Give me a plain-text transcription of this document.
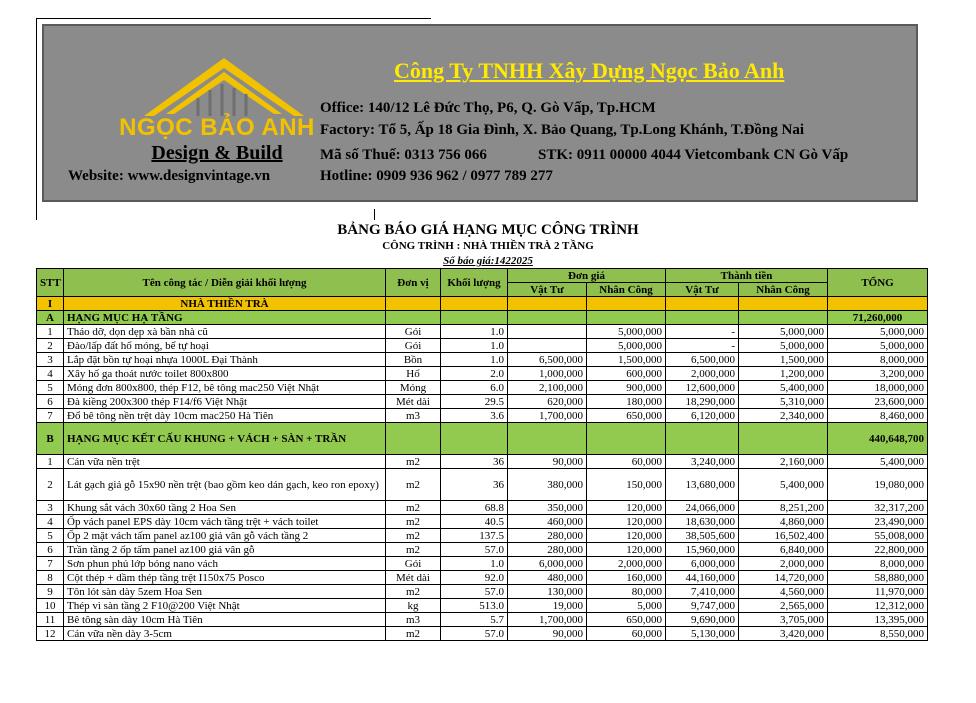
NGỌC BẢO ANH
Design & Build
Website: www.designvintage.vn
Công Ty TNHH Xây Dựng Ngọc Bảo Anh
Office: 140/12 Lê Đức Thọ, P6, Q. Gò Vấp, Tp.HCM
Factory: Tổ 5, Ấp 18 Gia Đình, X. Bảo Quang, Tp.Long Khánh, T.Đồng Nai
Mã số Thuế: 0313 756 066	STK: 0911 00000 4044 Vietcombank CN Gò Vấp
Hotline: 0909 936 962 / 0977 789 277
BẢNG BÁO GIÁ HẠNG MỤC CÔNG TRÌNH
CÔNG TRÌNH : NHÀ THIỀN TRÀ 2 TẦNG
Số báo giá:1422025
STT	Tên công tác / Diễn giải khối lượng	Đơn vị	Khối lượng	Đơn giá		Thành tiền		TỔNG
				Vật Tư	Nhân Công	Vật Tư	Nhân Công	
I	NHÀ THIỀN TRÀ							
A	HẠNG MỤC HẠ TẦNG							71,260,000
1	Tháo dỡ, dọn dẹp xà bần nhà cũ	Gói	1.0		5,000,000	-	5,000,000	5,000,000
2	Đào/lấp đất hố móng, bể tự hoại	Gói	1.0		5,000,000	-	5,000,000	5,000,000
3	Lắp đặt bồn tự hoại nhựa 1000L Đại Thành	Bồn	1.0	6,500,000	1,500,000	6,500,000	1,500,000	8,000,000
4	Xây hố ga thoát nước toilet 800x800	Hố	2.0	1,000,000	600,000	2,000,000	1,200,000	3,200,000
5	Móng đơn 800x800, thép F12, bê tông mac250 Việt Nhật	Móng	6.0	2,100,000	900,000	12,600,000	5,400,000	18,000,000
6	Đà kiềng 200x300 thép F14/f6 Việt Nhật	Mét dài	29.5	620,000	180,000	18,290,000	5,310,000	23,600,000
7	Đổ bê tông nền trệt dày 10cm mac250 Hà Tiên	m3	3.6	1,700,000	650,000	6,120,000	2,340,000	8,460,000
B	HẠNG MỤC KẾT CẤU KHUNG + VÁCH + SÀN + TRẦN							440,648,700
1	Cán vữa nền trệt	m2	36	90,000	60,000	3,240,000	2,160,000	5,400,000
2	Lát gạch giả gỗ 15x90 nền trệt (bao gồm keo dán gạch, keo ron epoxy)	m2	36	380,000	150,000	13,680,000	5,400,000	19,080,000
3	Khung sắt vách 30x60 tầng 2 Hoa Sen	m2	68.8	350,000	120,000	24,066,000	8,251,200	32,317,200
4	Ốp vách panel EPS dày 10cm vách tầng trệt + vách toilet	m2	40.5	460,000	120,000	18,630,000	4,860,000	23,490,000
5	Ốp 2 mặt vách tấm panel az100 giả vân gỗ vách tầng 2	m2	137.5	280,000	120,000	38,505,600	16,502,400	55,008,000
6	Trần tầng 2 ốp tấm panel az100 giả vân gỗ	m2	57.0	280,000	120,000	15,960,000	6,840,000	22,800,000
7	Sơn phun phủ lớp bóng nano vách	Gói	1.0	6,000,000	2,000,000	6,000,000	2,000,000	8,000,000
8	Cột thép + dầm thép tầng trệt I150x75 Posco	Mét dài	92.0	480,000	160,000	44,160,000	14,720,000	58,880,000
9	Tôn lót sàn dày 5zem Hoa Sen	m2	57.0	130,000	80,000	7,410,000	4,560,000	11,970,000
10	Thép vì sàn tầng 2 F10@200 Việt Nhật	kg	513.0	19,000	5,000	9,747,000	2,565,000	12,312,000
11	Bê tông sàn dày 10cm Hà Tiên	m3	5.7	1,700,000	650,000	9,690,000	3,705,000	13,395,000
12	Cán vữa nền dày 3-5cm	m2	57.0	90,000	60,000	5,130,000	3,420,000	8,550,000
